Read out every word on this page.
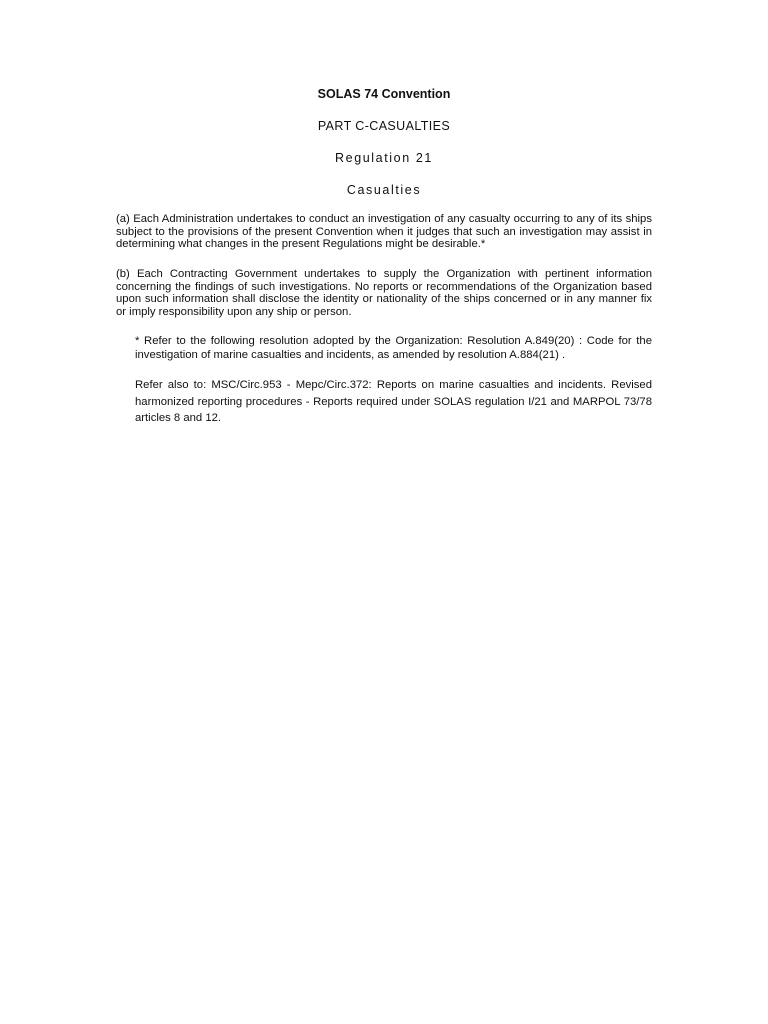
SOLAS 74 Convention
PART C-CASUALTIES
Regulation 21
Casualties

(a) Each Administration undertakes to conduct an investigation of any casualty occurring to any of its ships subject to the provisions of the present Convention when it judges that such an investigation may assist in determining what changes in the present Regulations might be desirable.*

(b) Each Contracting Government undertakes to supply the Organization with pertinent information concerning the findings of such investigations. No reports or recommendations of the Organization based upon such information shall disclose the identity or nationality of the ships concerned or in any manner fix or imply responsibility upon any ship or person.

* Refer to the following resolution adopted by the Organization: Resolution A.849(20) : Code for the investigation of marine casualties and incidents, as amended by resolution A.884(21) .

Refer also to: MSC/Circ.953 - Mepc/Circ.372: Reports on marine casualties and incidents. Revised harmonized reporting procedures - Reports required under SOLAS regulation I/21 and MARPOL 73/78 articles 8 and 12.
